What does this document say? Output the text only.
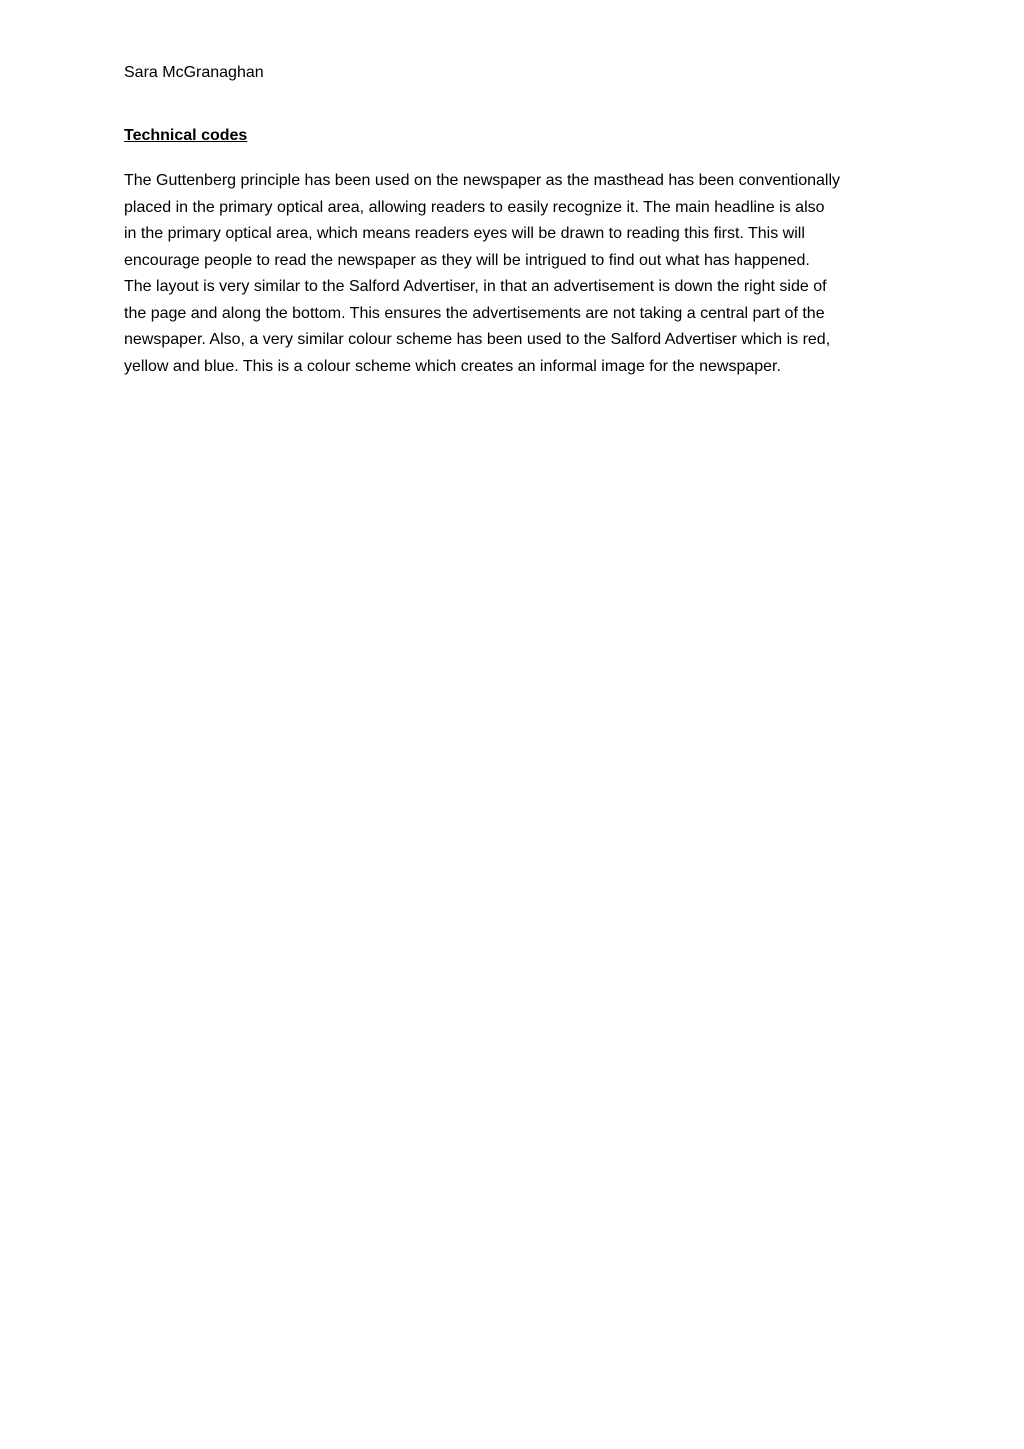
Sara McGranaghan

Technical codes

The Guttenberg principle has been used on the newspaper as the masthead has been conventionally
placed in the primary optical area, allowing readers to easily recognize it. The main headline is also
in the primary optical area, which means readers eyes will be drawn to reading this first. This will
encourage people to read the newspaper as they will be intrigued to find out what has happened.
The layout is very similar to the Salford Advertiser, in that an advertisement is down the right side of
the page and along the bottom. This ensures the advertisements are not taking a central part of the
newspaper. Also, a very similar colour scheme has been used to the Salford Advertiser which is red,
yellow and blue. This is a colour scheme which creates an informal image for the newspaper.
